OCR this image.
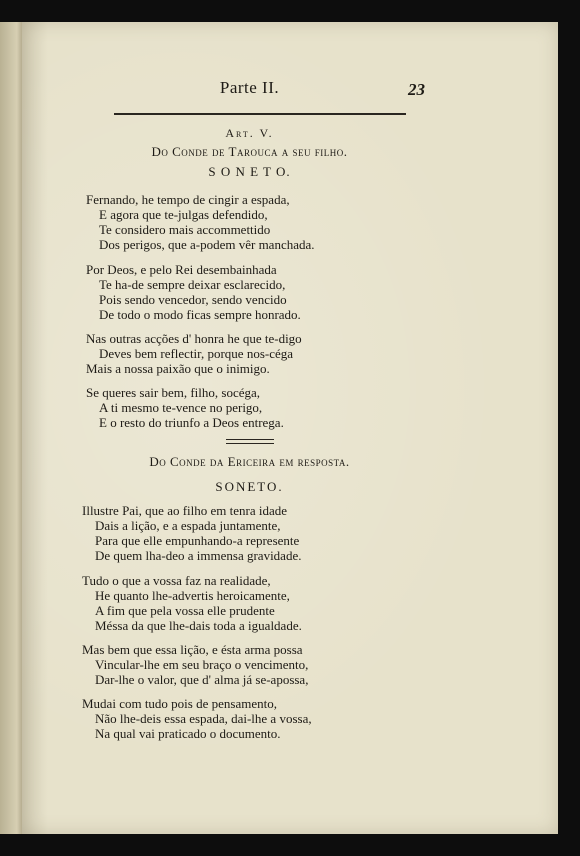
Parte II.	23
Art. V.
Do Conde de Tarouca a seu filho.
S O N E T O.
Fernando, he tempo de cingir a espada,
E agora que te-julgas defendido,
Te considero mais accommettido
Dos perigos, que a-podem vêr manchada.
Por Deos, e pelo Rei desembainhada
Te ha-de sempre deixar esclarecido,
Pois sendo vencedor, sendo vencido
De todo o modo ficas sempre honrado.
Nas outras acções d' honra he que te-digo
Deves bem reflectir, porque nos-céga
Mais a nossa paixão que o inimigo.
Se queres sair bem, filho, socéga,
A ti mesmo te-vence no perigo,
E o resto do triunfo a Deos entrega.
Do Conde da Ericeira em resposta.
SONETO.
Illustre Pai, que ao filho em tenra idade
Dais a lição, e a espada juntamente,
Para que elle empunhando-a represente
De quem lha-deo a immensa gravidade.
Tudo o que a vossa faz na realidade,
He quanto lhe-advertis heroicamente,
A fim que pela vossa elle prudente
Méssa da que lhe-dais toda a igualdade.
Mas bem que essa lição, e ésta arma possa
Vincular-lhe em seu braço o vencimento,
Dar-lhe o valor, que d' alma já se-apossa,
Mudai com tudo pois de pensamento,
Não lhe-deis essa espada, dai-lhe a vossa,
Na qual vai praticado o documento.
